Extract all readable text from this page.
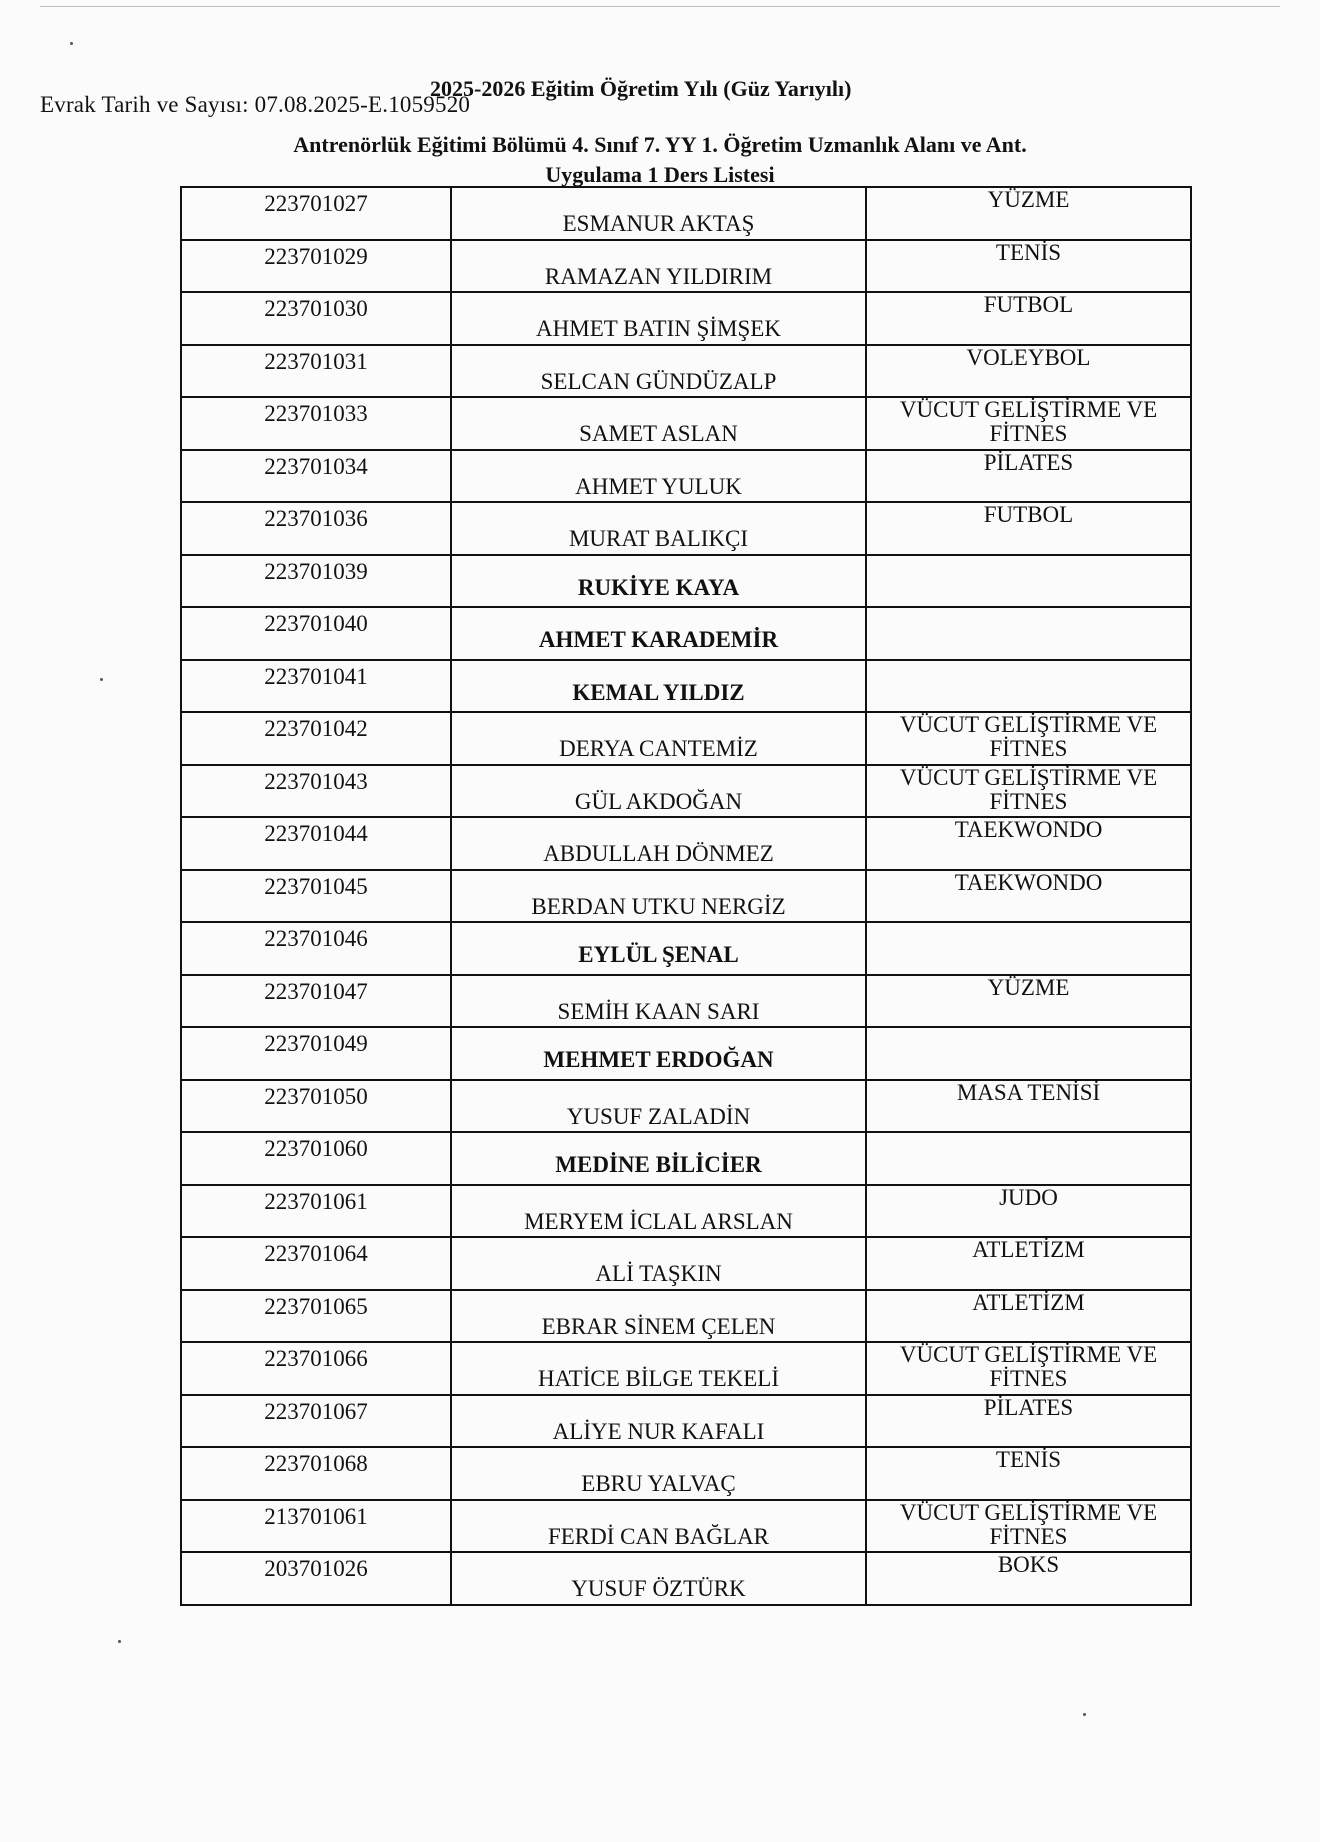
Evrak Tarih ve Sayısı: 07.08.2025-E.1059520
2025-2026 Eğitim Öğretim Yılı (Güz Yarıyılı)
Antrenörlük Eğitimi Bölümü 4. Sınıf 7. YY 1. Öğretim Uzmanlık Alanı ve Ant.
Uygulama 1 Ders Listesi
223701027	ESMANUR AKTAŞ	YÜZME
223701029	RAMAZAN YILDIRIM	TENİS
223701030	AHMET BATIN ŞİMŞEK	FUTBOL
223701031	SELCAN GÜNDÜZALP	VOLEYBOL
223701033	SAMET ASLAN	VÜCUT GELİŞTİRME VE FİTNES
223701034	AHMET YULUK	PİLATES
223701036	MURAT BALIKÇI	FUTBOL
223701039	RUKİYE KAYA	
223701040	AHMET KARADEMİR	
223701041	KEMAL YILDIZ	
223701042	DERYA CANTEMİZ	VÜCUT GELİŞTİRME VE FİTNES
223701043	GÜL AKDOĞAN	VÜCUT GELİŞTİRME VE FİTNES
223701044	ABDULLAH DÖNMEZ	TAEKWONDO
223701045	BERDAN UTKU NERGİZ	TAEKWONDO
223701046	EYLÜL ŞENAL	
223701047	SEMİH KAAN SARI	YÜZME
223701049	MEHMET ERDOĞAN	
223701050	YUSUF ZALADİN	MASA TENİSİ
223701060	MEDİNE BİLİCİER	
223701061	MERYEM İCLAL ARSLAN	JUDO
223701064	ALİ TAŞKIN	ATLETİZM
223701065	EBRAR SİNEM ÇELEN	ATLETİZM
223701066	HATİCE BİLGE TEKELİ	VÜCUT GELİŞTİRME VE FİTNES
223701067	ALİYE NUR KAFALI	PİLATES
223701068	EBRU YALVAÇ	TENİS
213701061	FERDİ CAN BAĞLAR	VÜCUT GELİŞTİRME VE FİTNES
203701026	YUSUF ÖZTÜRK	BOKS
